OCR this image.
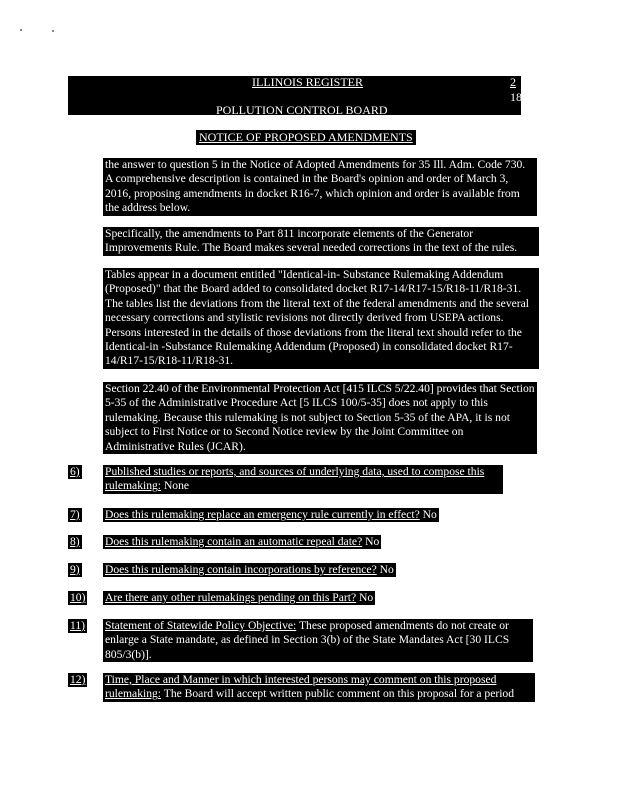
ILLINOIS REGISTER	2
18
POLLUTION CONTROL BOARD
NOTICE OF PROPOSED AMENDMENTS
the answer to question 5 in the Notice of Adopted Amendments for 35 Ill. Adm. Code 730. A comprehensive description is contained in the Board's opinion and order of March 3, 2016, proposing amendments in docket R16-7, which opinion and order is available from the address below.
Specifically, the amendments to Part 811 incorporate elements of the Generator Improvements Rule. The Board makes several needed corrections in the text of the rules.
Tables appear in a document entitled "Identical-in- Substance Rulemaking Addendum (Proposed)" that the Board added to consolidated docket R17-14/R17-15/R18-11/R18-31. The tables list the deviations from the literal text of the federal amendments and the several necessary corrections and stylistic revisions not directly derived from USEPA actions. Persons interested in the details of those deviations from the literal text should refer to the Identical-in -Substance Rulemaking Addendum (Proposed) in consolidated docket R17-14/R17-15/R18-11/R18-31.
Section 22.40 of the Environmental Protection Act [415 ILCS 5/22.40] provides that Section 5-35 of the Administrative Procedure Act [5 ILCS 100/5-35] does not apply to this rulemaking. Because this rulemaking is not subject to Section 5-35 of the APA, it is not subject to First Notice or to Second Notice review by the Joint Committee on Administrative Rules (JCAR).
6) Published studies or reports, and sources of underlying data, used to compose this rulemaking: None
7) Does this rulemaking replace an emergency rule currently in effect? No
8) Does this rulemaking contain an automatic repeal date? No
9) Does this rulemaking contain incorporations by reference? No
10) Are there any other rulemakings pending on this Part? No
11) Statement of Statewide Policy Objective: These proposed amendments do not create or enlarge a State mandate, as defined in Section 3(b) of the State Mandates Act [30 ILCS 805/3(b)].
12) Time, Place and Manner in which interested persons may comment on this proposed rulemaking: The Board will accept written public comment on this proposal for a period
